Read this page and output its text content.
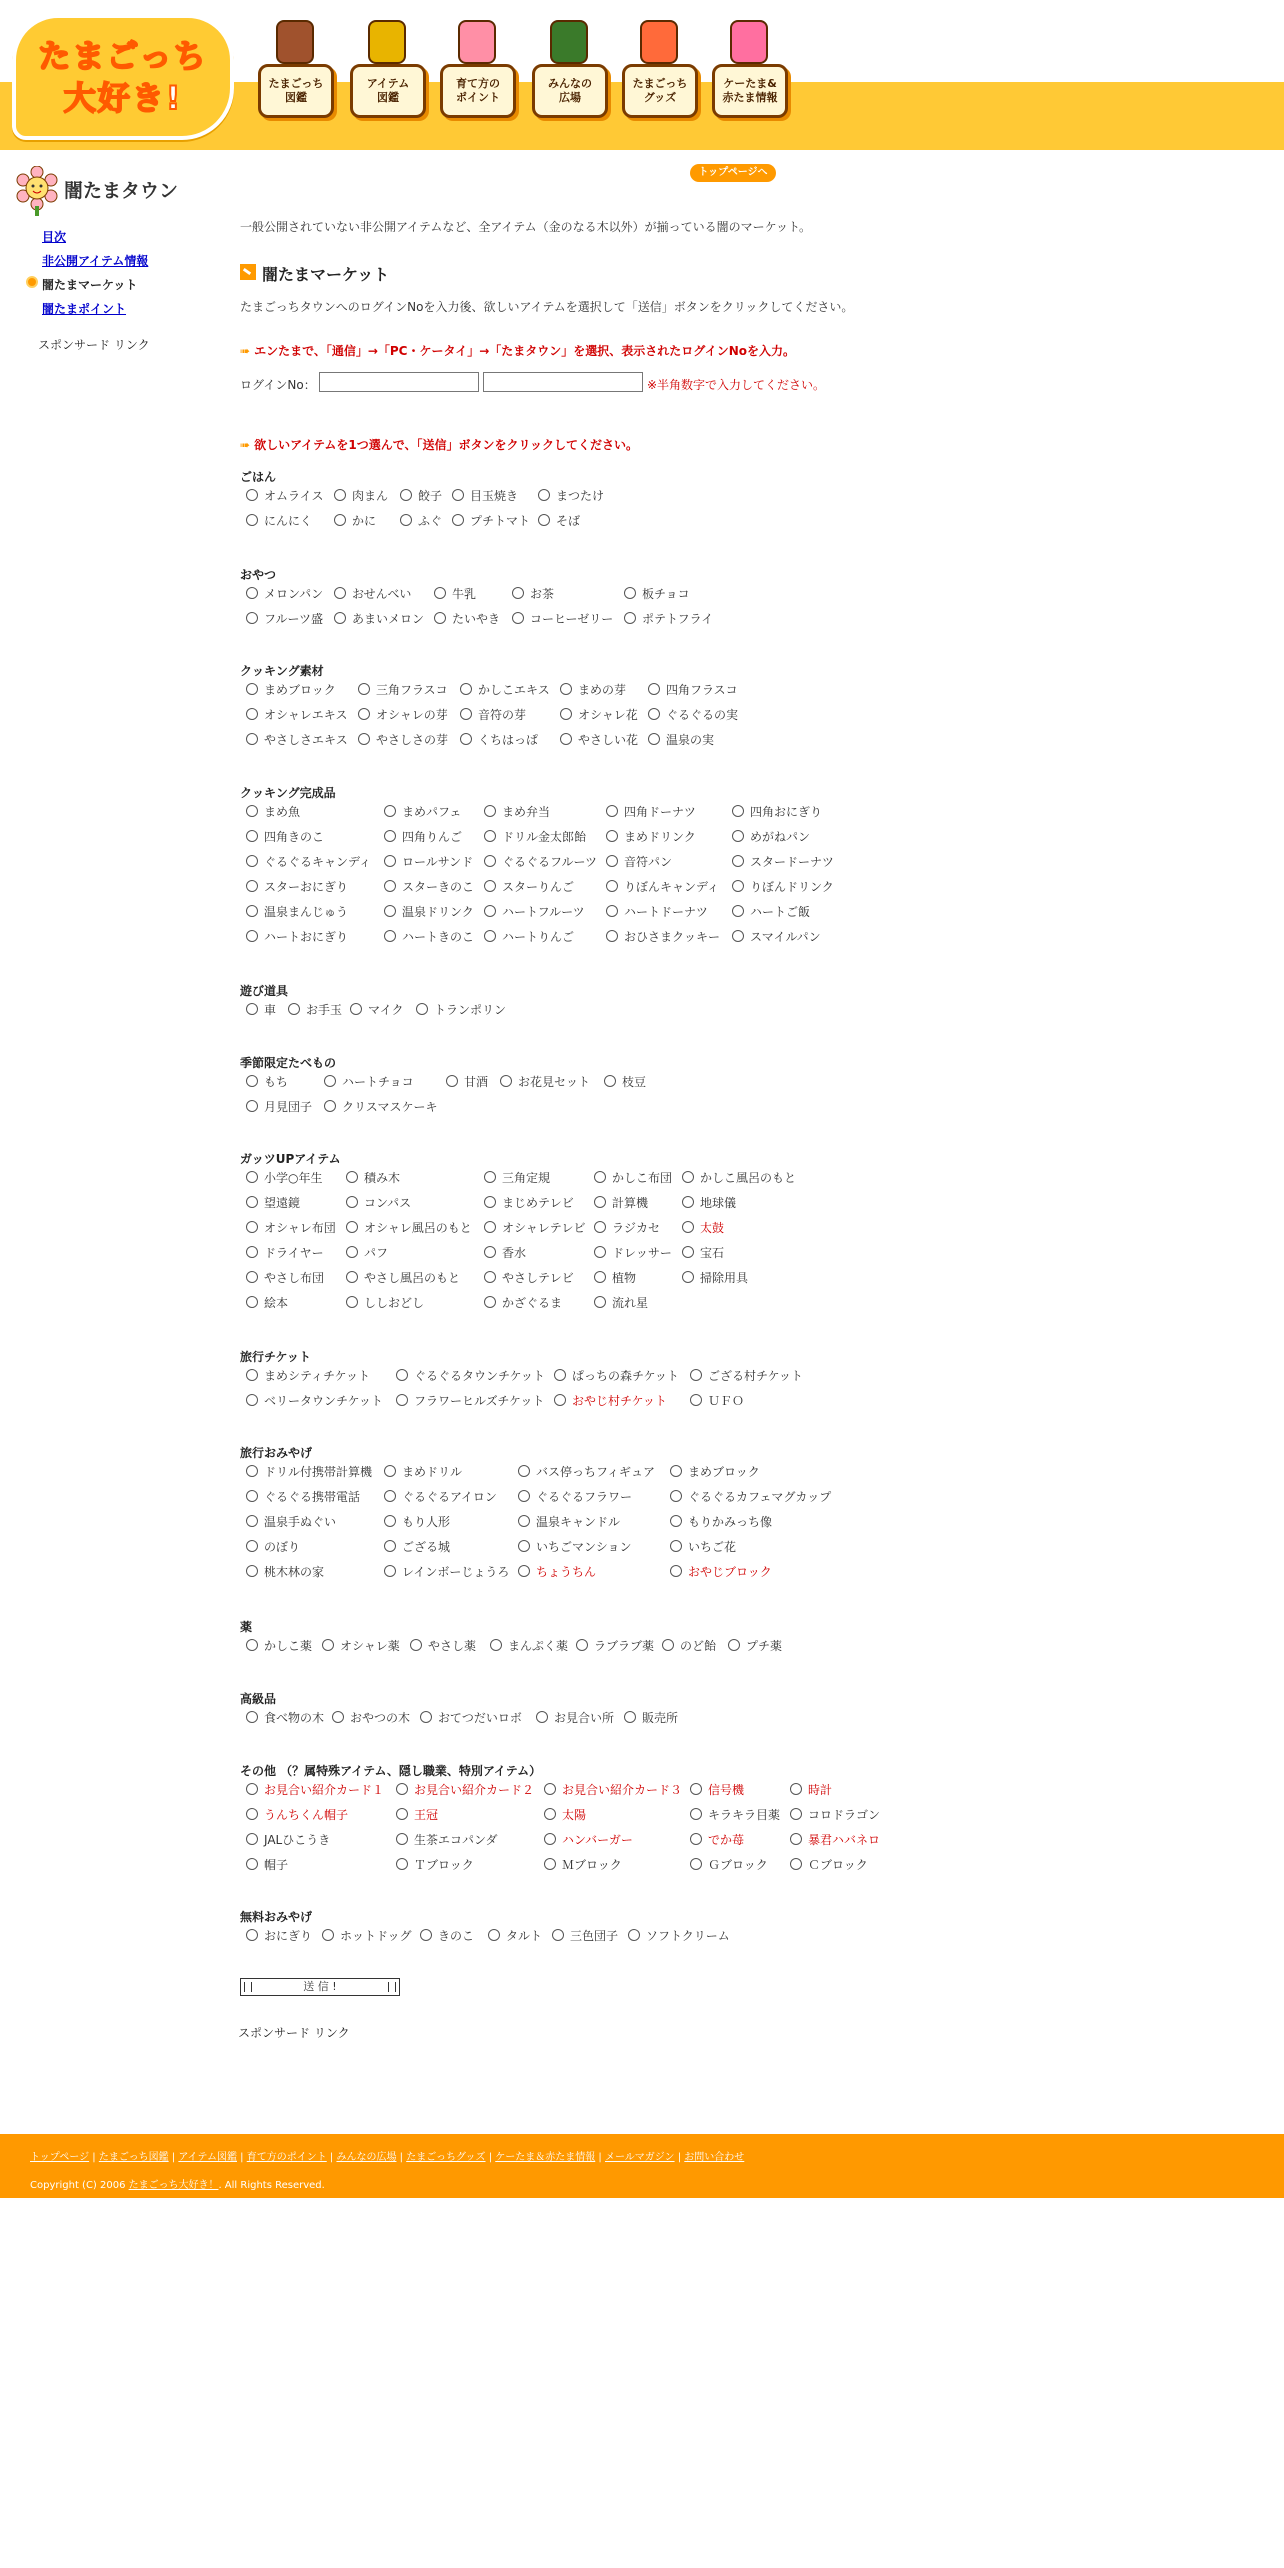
たまごっち
大好き!	たまごっち
図鑑
アイテム
図鑑
育て方の
ポイント
みんなの
広場
たまごっち
グッズ
ケーたま&
赤たま情報
トップページへ
闇たまタウン
目次
非公開アイテム情報
闇たまマーケット
闇たまポイント
スポンサード リンク
一般公開されていない非公開アイテムなど、全アイテム（金のなる木以外）が揃っている闇のマーケット。
闇たまマーケット
たまごっちタウンへのログインNoを入力後、欲しいアイテムを選択して「送信」ボタンをクリックしてください。
➠ エンたまで、「通信」→「PC・ケータイ」→「たまタウン」を選択、表示されたログインNoを入力。
ログインNo：	※半角数字で入力してください。
➠ 欲しいアイテムを1つ選んで、「送信」ボタンをクリックしてください。
ごはん
オムライス	肉まん	餃子	目玉焼き	まつたけ
にんにく	かに	ふぐ	プチトマト	そば
おやつ
メロンパン	おせんべい	牛乳	お茶	板チョコ
フルーツ盛	あまいメロン	たいやき	コーヒーゼリー	ポテトフライ
クッキング素材
まめブロック	三角フラスコ	かしこエキス	まめの芽	四角フラスコ
オシャレエキス	オシャレの芽	音符の芽	オシャレ花	ぐるぐるの実
やさしさエキス	やさしさの芽	くちはっぱ	やさしい花	温泉の実
クッキング完成品
まめ魚	まめパフェ	まめ弁当	四角ドーナツ	四角おにぎり
四角きのこ	四角りんご	ドリル金太郎飴	まめドリンク	めがねパン
ぐるぐるキャンディ	ロールサンド	ぐるぐるフルーツ	音符パン	スタードーナツ
スターおにぎり	スターきのこ	スターりんご	りぼんキャンディ	りぼんドリンク
温泉まんじゅう	温泉ドリンク	ハートフルーツ	ハートドーナツ	ハートご飯
ハートおにぎり	ハートきのこ	ハートりんご	おひさまクッキー	スマイルパン
遊び道具
車	お手玉	マイク	トランポリン
季節限定たべもの
もち	ハートチョコ	甘酒	お花見セット	枝豆
月見団子	クリスマスケーキ
ガッツUPアイテム
小学○年生	積み木	三角定規	かしこ布団	かしこ風呂のもと
望遠鏡	コンパス	まじめテレビ	計算機	地球儀
オシャレ布団	オシャレ風呂のもと	オシャレテレビ	ラジカセ	太鼓
ドライヤー	パフ	香水	ドレッサー	宝石
やさし布団	やさし風呂のもと	やさしテレビ	植物	掃除用具
絵本	ししおどし	かざぐるま	流れ星
旅行チケット
まめシティチケット	ぐるぐるタウンチケット	ぱっちの森チケット	ござる村チケット
ベリータウンチケット	フラワーヒルズチケット	おやじ村チケット	ＵＦＯ
旅行おみやげ
ドリル付携帯計算機	まめドリル	バス停っちフィギュア	まめブロック
ぐるぐる携帯電話	ぐるぐるアイロン	ぐるぐるフラワー	ぐるぐるカフェマグカップ
温泉手ぬぐい	もり人形	温泉キャンドル	もりかみっち像
のぼり	ござる城	いちごマンション	いちご花
桃木林の家	レインボーじょうろ	ちょうちん	おやじブロック
薬
かしこ薬	オシャレ薬	やさし薬	まんぷく薬	ラブラブ薬	のど飴	プチ薬
高級品
食べ物の木	おやつの木	おてつだいロボ	お見合い所	販売所
その他 （？属特殊アイテム、隠し職業、特別アイテム）
お見合い紹介カード１	お見合い紹介カード２	お見合い紹介カード３	信号機	時計
うんちくん帽子	王冠	太陽	キラキラ目薬	コロドラゴン
JALひこうき	生茶エコパンダ	ハンバーガー	でか苺	暴君ハバネロ
帽子	Ｔブロック	Ｍブロック	Ｇブロック	Ｃブロック
無料おみやげ
おにぎり	ホットドッグ	きのこ	タルト	三色団子	ソフトクリーム
送 信 !
スポンサード リンク
トップページ | たまごっち図鑑 | アイテム図鑑 | 育て方のポイント | みんなの広場 | たまごっちグッズ | ケーたま＆赤たま情報 | メールマガジン | お問い合わせ
Copyright (C) 2006 たまごっち大好き！. All Rights Reserved.
